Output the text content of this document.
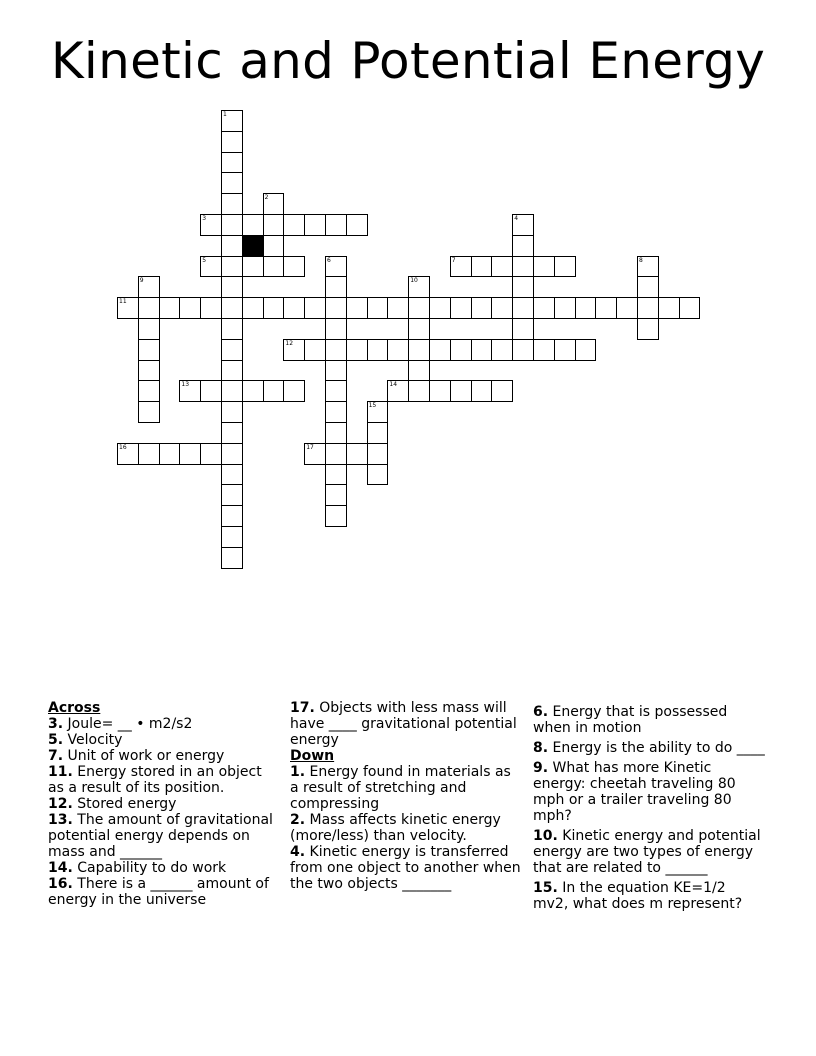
Kinetic and Potential Energy
1
2
3	4
5	6	7	8
9	10
11
12
13	14
15
16	17

Across

3. Joule= __ • m2/s2

5. Velocity

7. Unit of work or energy

11. Energy stored in an object as a result of its position.

12. Stored energy

13. The amount of gravitational potential energy depends on mass and ______

14. Capability to do work

16. There is a ______ amount of energy in the universe

17. Objects with less mass will have ____ gravitational potential energy

Down

1. Energy found in materials as a result of stretching and compressing

2. Mass affects kinetic energy (more/less) than velocity.

4. Kinetic energy is transferred from one object to another when the two objects _______

6. Energy that is possessed when in motion

8. Energy is the ability to do ____

9. What has more Kinetic energy: cheetah traveling 80 mph or a trailer traveling 80 mph?

10. Kinetic energy and potential energy are two types of energy that are related to ______

15. In the equation KE=1/2 mv2, what does m represent?
